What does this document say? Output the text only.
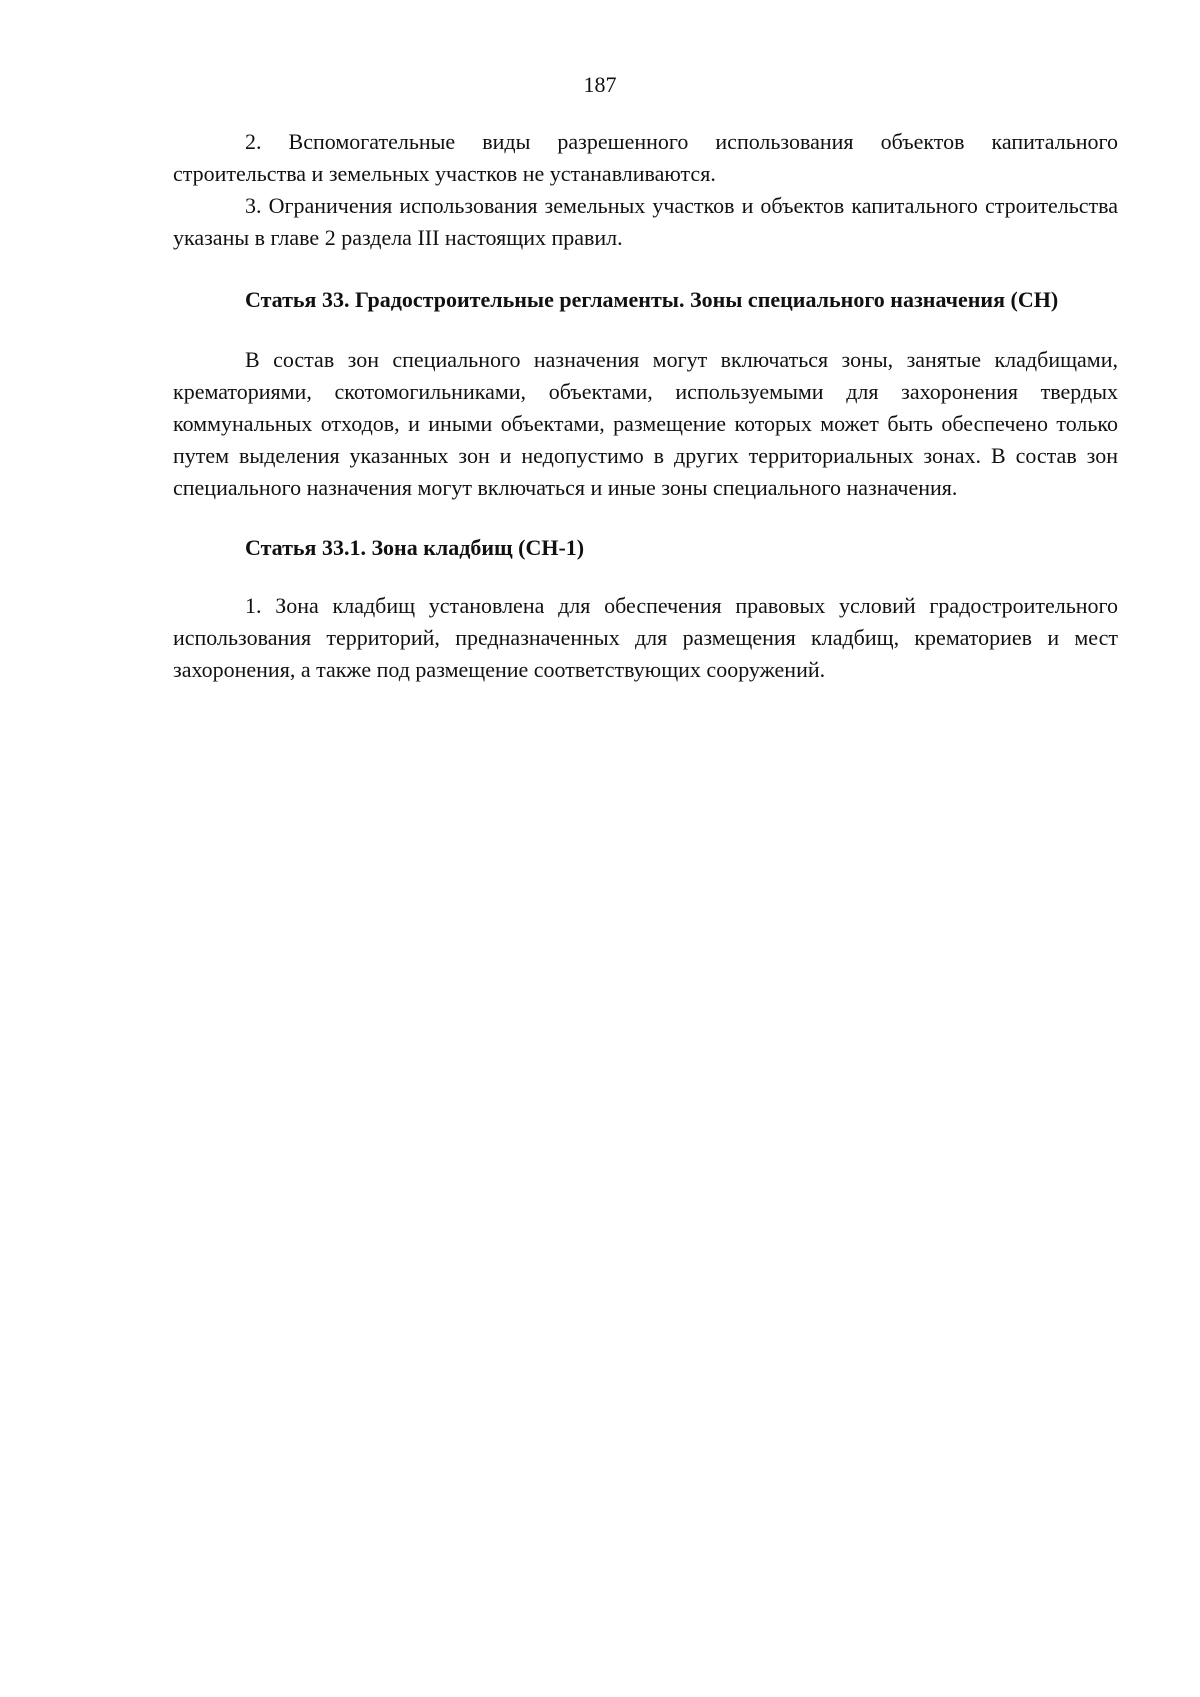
187

2. Вспомогательные виды разрешенного использования объектов капитального строительства и земельных участков не устанавливаются.

3. Ограничения использования земельных участков и объектов капитального строительства указаны в главе 2 раздела III настоящих правил.

Статья 33. Градостроительные регламенты. Зоны специального назначения (СН)

В состав зон специального назначения могут включаться зоны, занятые кладбищами, крематориями, скотомогильниками, объектами, используемыми для захоронения твердых коммунальных отходов, и иными объектами, размещение которых может быть обеспечено только путем выделения указанных зон и недопустимо в других территориальных зонах. В состав зон специального назначения могут включаться и иные зоны специального назначения.

Статья 33.1. Зона кладбищ (СН-1)

1. Зона кладбищ установлена для обеспечения правовых условий градостроительного использования территорий, предназначенных для размещения кладбищ, крематориев и мест захоронения, а также под размещение соответствующих сооружений.
